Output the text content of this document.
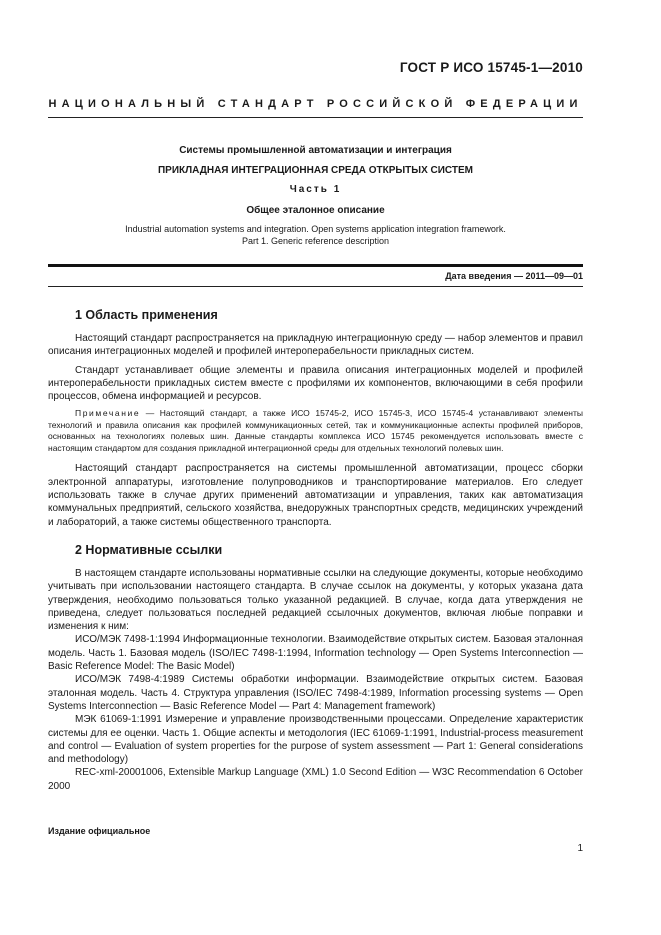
ГОСТ Р ИСО 15745-1—2010
НАЦИОНАЛЬНЫЙ СТАНДАРТ РОССИЙСКОЙ ФЕДЕРАЦИИ
Системы промышленной автоматизации и интеграция
ПРИКЛАДНАЯ ИНТЕГРАЦИОННАЯ СРЕДА ОТКРЫТЫХ СИСТЕМ
Часть 1
Общее эталонное описание
Industrial automation systems and integration. Open systems application integration framework.
Part 1. Generic reference description
Дата введения — 2011—09—01
1 Область применения

Настоящий стандарт распространяется на прикладную интеграционную среду — набор элементов и правил описания интеграционных моделей и профилей интероперабельности прикладных систем.

Стандарт устанавливает общие элементы и правила описания интеграционных моделей и профилей интероперабельности прикладных систем вместе с профилями их компонентов, включающими в себя профили процессов, обмена информацией и ресурсов.

Примечание — Настоящий стандарт, а также ИСО 15745-2, ИСО 15745-3, ИСО 15745-4 устанавливают элементы технологий и правила описания как профилей коммуникационных сетей, так и коммуникационные аспекты профилей приборов, основанных на технологиях полевых шин. Данные стандарты комплекса ИСО 15745 рекомендуется использовать вместе с настоящим стандартом для создания прикладной интеграционной среды для отдельных технологий полевых шин.

Настоящий стандарт распространяется на системы промышленной автоматизации, процесс сборки электронной аппаратуры, изготовление полупроводников и транспортирование материалов. Его следует использовать также в случае других применений автоматизации и управления, таких как автоматизация коммунальных предприятий, сельского хозяйства, внедоружных транспортных средств, медицинских учреждений и лабораторий, а также системы общественного транспорта.

2 Нормативные ссылки

В настоящем стандарте использованы нормативные ссылки на следующие документы, которые необходимо учитывать при использовании настоящего стандарта. В случае ссылок на документы, у которых указана дата утверждения, необходимо пользоваться только указанной редакцией. В случае, когда дата утверждения не приведена, следует пользоваться последней редакцией ссылочных документов, включая любые поправки и изменения к ним:

ИСО/МЭК 7498-1:1994 Информационные технологии. Взаимодействие открытых систем. Базовая эталонная модель. Часть 1. Базовая модель (ISO/IEC 7498-1:1994, Information technology — Open Systems Interconnection — Basic Reference Model: The Basic Model)

ИСО/МЭК 7498-4:1989 Системы обработки информации. Взаимодействие открытых систем. Базовая эталонная модель. Часть 4. Структура управления (ISO/IEC 7498-4:1989, Information processing systems — Open Systems Interconnection — Basic Reference Model — Part 4: Management framework)

МЭК 61069-1:1991 Измерение и управление производственными процессами. Определение характеристик системы для ее оценки. Часть 1. Общие аспекты и методология (IEC 61069-1:1991, Industrial-process measurement and control — Evaluation of system properties for the purpose of system assessment — Part 1: General considerations and methodology)

REC-xml-20001006, Extensible Markup Language (XML) 1.0 Second Edition — W3C Recommendation 6 October 2000

Издание официальное
1
